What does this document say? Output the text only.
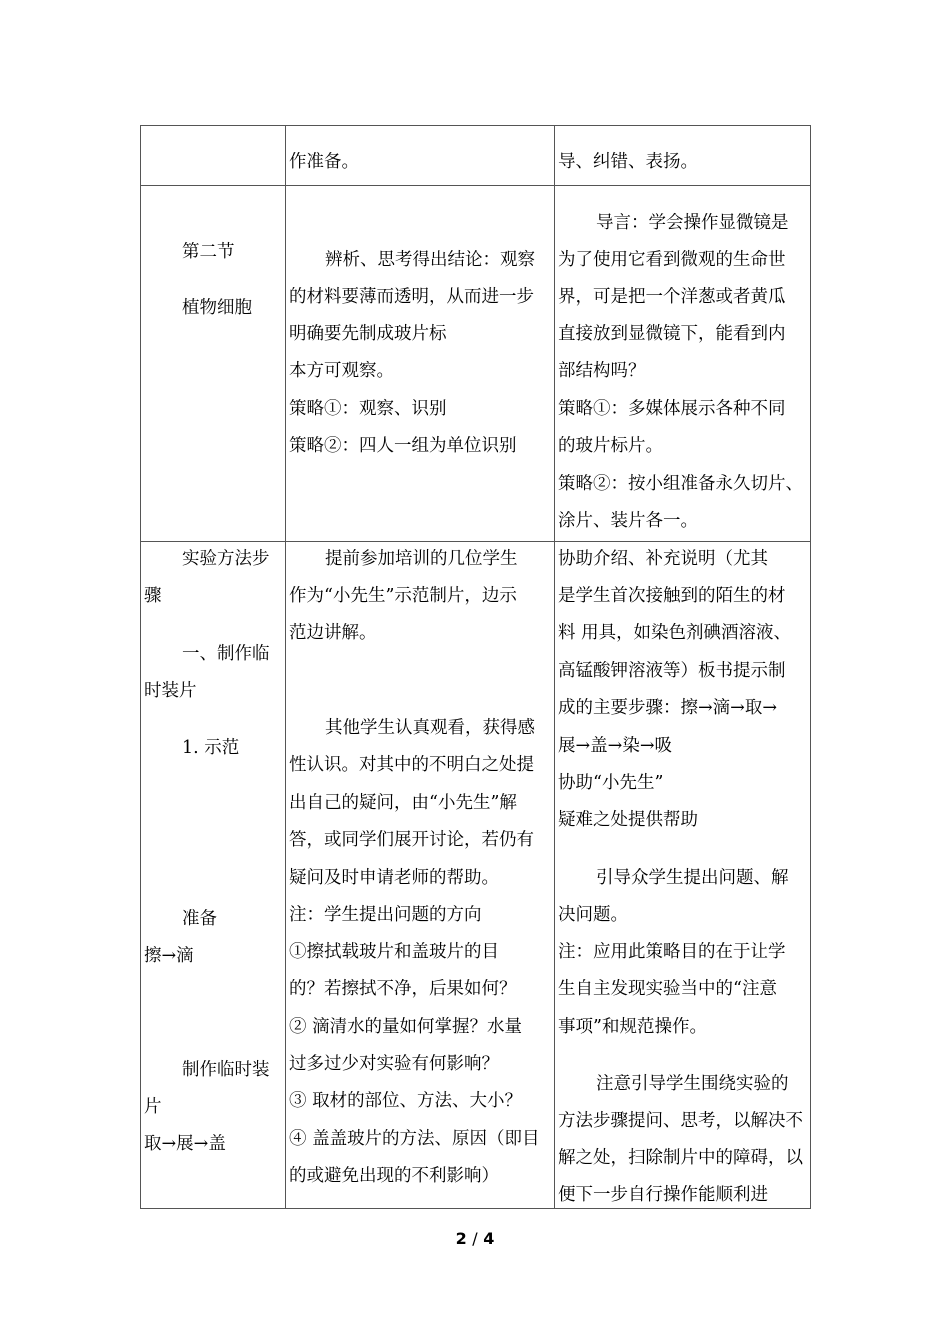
作准备。	导、纠错、表扬。
第二节
植物细胞
辨析、思考得出结论：观察
的材料要薄而透明，从而进一步
明确要先制成玻片标
本方可观察。
策略①：观察、识别
策略②：四人一组为单位识别
导言：学会操作显微镜是
为了使用它看到微观的生命世
界，可是把一个洋葱或者黄瓜
直接放到显微镜下，能看到内
部结构吗？
策略①：多媒体展示各种不同
的玻片标片。
策略②：按小组准备永久切片、
涂片、装片各一。
实验方法步
骤
一、制作临
时装片
1. 示范
准备
擦→滴
制作临时装
片
取→展→盖
提前参加培训的几位学生
作为“小先生”示范制片，边示
范边讲解。
其他学生认真观看，获得感
性认识。对其中的不明白之处提
出自己的疑问，由“小先生”解
答，或同学们展开讨论，若仍有
疑问及时申请老师的帮助。
注：学生提出问题的方向
①擦拭载玻片和盖玻片的目
的？若擦拭不净，后果如何？
② 滴清水的量如何掌握？水量
过多过少对实验有何影响？
③ 取材的部位、方法、大小？
④ 盖盖玻片的方法、原因（即目
的或避免出现的不利影响）
协助介绍、补充说明（尤其
是学生首次接触到的陌生的材
料 用具，如染色剂碘酒溶液、
高锰酸钾溶液等）板书提示制
成的主要步骤：擦→滴→取→
展→盖→染→吸
协助“小先生”
疑难之处提供帮助
引导众学生提出问题、解
决问题。
注：应用此策略目的在于让学
生自主发现实验当中的“注意
事项”和规范操作。
注意引导学生围绕实验的
方法步骤提问、思考，以解决不
解之处，扫除制片中的障碍，以
便下一步自行操作能顺利进
2 / 4
